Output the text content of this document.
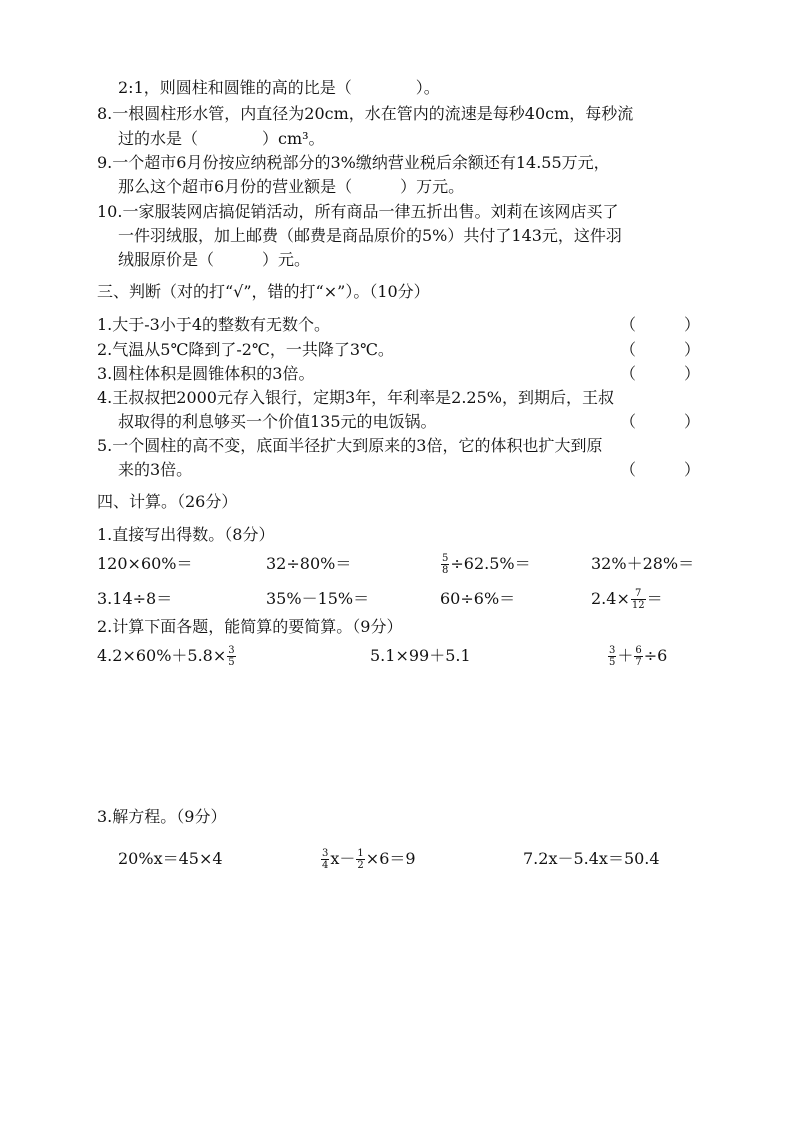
2:1，则圆柱和圆锥的高的比是（　　　　）。
8.一根圆柱形水管，内直径为20cm，水在管内的流速是每秒40cm，每秒流
过的水是（　　　　）cm³。
9.一个超市6月份按应纳税部分的3%缴纳营业税后余额还有14.55万元，
那么这个超市6月份的营业额是（　　　）万元。
10.一家服装网店搞促销活动，所有商品一律五折出售。刘莉在该网店买了
一件羽绒服，加上邮费（邮费是商品原价的5%）共付了143元，这件羽
绒服原价是（　　　）元。
三、判断（对的打“√”，错的打“×”）。（10分）
1.大于-3小于4的整数有无数个。	（　　　）
2.气温从5℃降到了-2℃，一共降了3℃。	（　　　）
3.圆柱体积是圆锥体积的3倍。	（　　　）
4.王叔叔把2000元存入银行，定期3年，年利率是2.25%，到期后，王叔
叔取得的利息够买一个价值135元的电饭锅。	（　　　）
5.一个圆柱的高不变，底面半径扩大到原来的3倍，它的体积也扩大到原
来的3倍。	（　　　）
四、计算。（26分）
1.直接写出得数。（8分）
120×60%＝	32÷80%＝	$\frac{5}{8} \div 62.5\%=$	32%＋28%＝
3.14÷8＝	35%－15%＝	60÷6%＝	$2.4\times \frac{7}{12}$ ＝
2.计算下面各题，能简算的要简算。（9分）
$4.2\times 60\%+5.8\times \frac{3}{5}$	5.1×99＋5.1	$\frac{3}{5} + \frac{6}{7} \div 6$
3.解方程。（9分）
20%x＝45×4	$\frac{3}{4} x- \frac{1}{2} \times 6=9$	7.2x－5.4x＝50.4
